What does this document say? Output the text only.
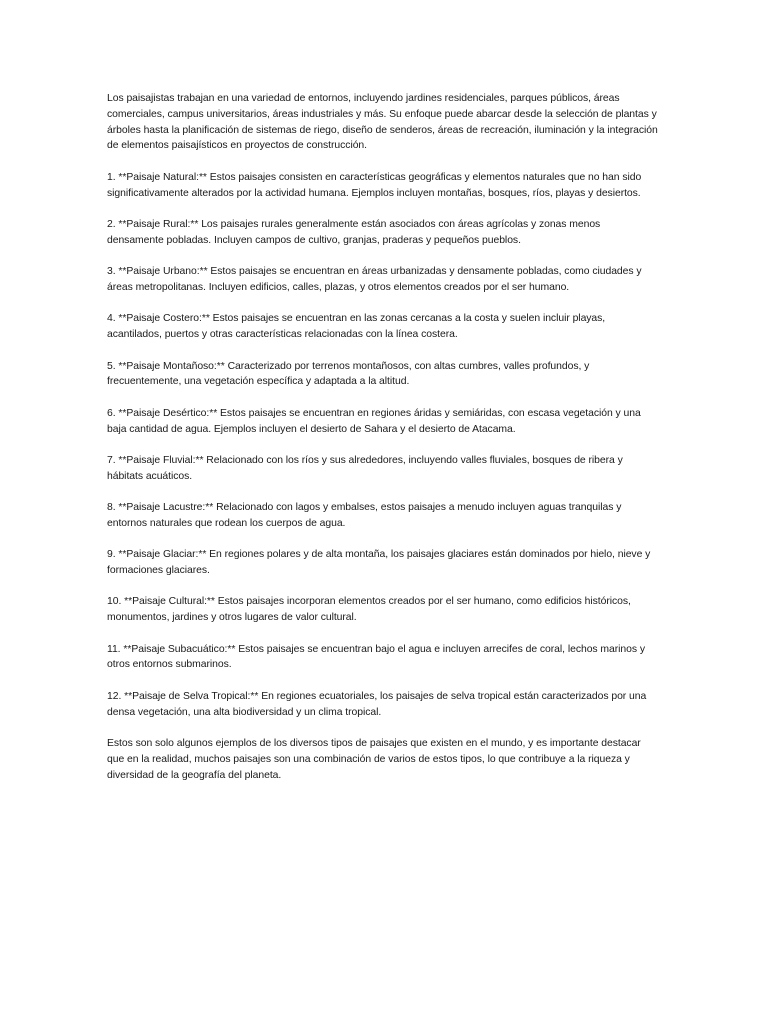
Los paisajistas trabajan en una variedad de entornos, incluyendo jardines residenciales, parques públicos, áreas comerciales, campus universitarios, áreas industriales y más. Su enfoque puede abarcar desde la selección de plantas y árboles hasta la planificación de sistemas de riego, diseño de senderos, áreas de recreación, iluminación y la integración de elementos paisajísticos en proyectos de construcción.

1. **Paisaje Natural:** Estos paisajes consisten en características geográficas y elementos naturales que no han sido significativamente alterados por la actividad humana. Ejemplos incluyen montañas, bosques, ríos, playas y desiertos.

2. **Paisaje Rural:** Los paisajes rurales generalmente están asociados con áreas agrícolas y zonas menos densamente pobladas. Incluyen campos de cultivo, granjas, praderas y pequeños pueblos.

3. **Paisaje Urbano:** Estos paisajes se encuentran en áreas urbanizadas y densamente pobladas, como ciudades y áreas metropolitanas. Incluyen edificios, calles, plazas, y otros elementos creados por el ser humano.

4. **Paisaje Costero:** Estos paisajes se encuentran en las zonas cercanas a la costa y suelen incluir playas, acantilados, puertos y otras características relacionadas con la línea costera.

5. **Paisaje Montañoso:** Caracterizado por terrenos montañosos, con altas cumbres, valles profundos, y frecuentemente, una vegetación específica y adaptada a la altitud.

6. **Paisaje Desértico:** Estos paisajes se encuentran en regiones áridas y semiáridas, con escasa vegetación y una baja cantidad de agua. Ejemplos incluyen el desierto de Sahara y el desierto de Atacama.

7. **Paisaje Fluvial:** Relacionado con los ríos y sus alrededores, incluyendo valles fluviales, bosques de ribera y hábitats acuáticos.

8. **Paisaje Lacustre:** Relacionado con lagos y embalses, estos paisajes a menudo incluyen aguas tranquilas y entornos naturales que rodean los cuerpos de agua.

9. **Paisaje Glaciar:** En regiones polares y de alta montaña, los paisajes glaciares están dominados por hielo, nieve y formaciones glaciares.

10. **Paisaje Cultural:** Estos paisajes incorporan elementos creados por el ser humano, como edificios históricos, monumentos, jardines y otros lugares de valor cultural.

11. **Paisaje Subacuático:** Estos paisajes se encuentran bajo el agua e incluyen arrecifes de coral, lechos marinos y otros entornos submarinos.

12. **Paisaje de Selva Tropical:** En regiones ecuatoriales, los paisajes de selva tropical están caracterizados por una densa vegetación, una alta biodiversidad y un clima tropical.

Estos son solo algunos ejemplos de los diversos tipos de paisajes que existen en el mundo, y es importante destacar que en la realidad, muchos paisajes son una combinación de varios de estos tipos, lo que contribuye a la riqueza y diversidad de la geografía del planeta.
